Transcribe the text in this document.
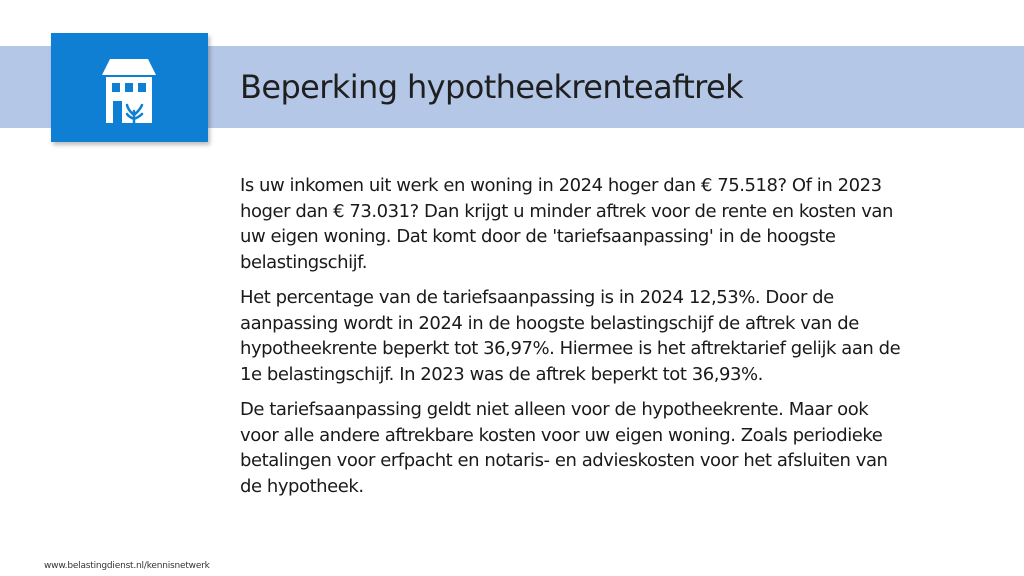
Beperking hypotheekrenteaftrek

Is uw inkomen uit werk en woning in 2024 hoger dan € 75.518? Of in 2023 hoger dan € 73.031? Dan krijgt u minder aftrek voor de rente en kosten van uw eigen woning. Dat komt door de 'tariefsaanpassing' in de hoogste belastingschijf.

Het percentage van de tariefsaanpassing is in 2024 12,53%. Door de aanpassing wordt in 2024 in de hoogste belastingschijf de aftrek van de hypotheekrente beperkt tot 36,97%. Hiermee is het aftrektarief gelijk aan de 1e belastingschijf. In 2023 was de aftrek beperkt tot 36,93%.

De tariefsaanpassing geldt niet alleen voor de hypotheekrente. Maar ook voor alle andere aftrekbare kosten voor uw eigen woning. Zoals periodieke betalingen voor erfpacht en notaris- en advieskosten voor het afsluiten van de hypotheek.

www.belastingdienst.nl/kennisnetwerk
